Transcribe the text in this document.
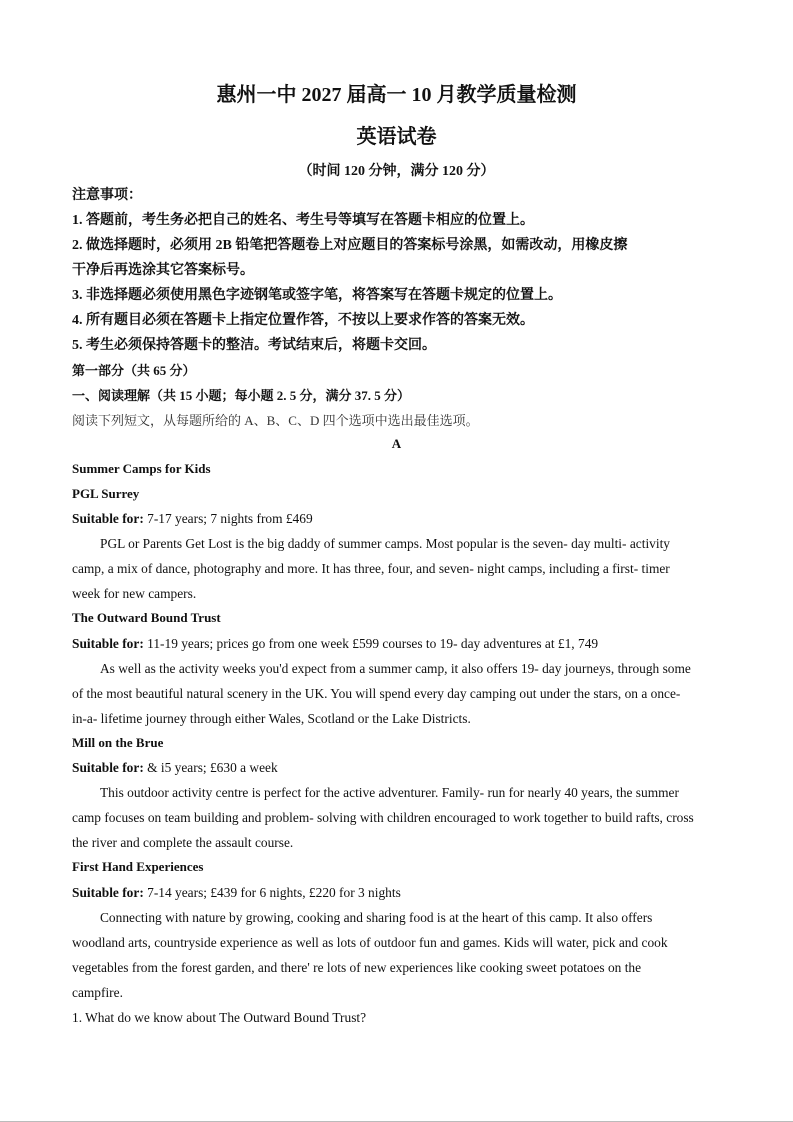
惠州一中 2027 届高一 10 月教学质量检测
英语试卷
（时间 120 分钟，满分 120 分）
注意事项：
1. 答题前，考生务必把自己的姓名、考生号等填写在答题卡相应的位置上。
2. 做选择题时，必须用 2B 铅笔把答题卷上对应题目的答案标号涂黑，如需改动，用橡皮擦
干净后再选涂其它答案标号。
3. 非选择题必须使用黑色字迹钢笔或签字笔，将答案写在答题卡规定的位置上。
4. 所有题目必须在答题卡上指定位置作答，不按以上要求作答的答案无效。
5. 考生必须保持答题卡的整洁。考试结束后，将题卡交回。
第一部分（共 65 分）
一、阅读理解（共 15 小题；每小题 2. 5 分，满分 37. 5 分）
阅读下列短文，从每题所给的 A、B、C、D 四个选项中选出最佳选项。
A
Summer Camps for Kids
PGL Surrey
Suitable for: 7-17 years; 7 nights from £469
PGL or Parents Get Lost is the big daddy of summer camps. Most popular is the seven- day multi- activity
camp, a mix of dance, photography and more. It has three, four, and seven- night camps, including a first- timer
week for new campers.
The Outward Bound Trust
Suitable for: 11-19 years; prices go from one week £599 courses to 19- day adventures at £1, 749
As well as the activity weeks you'd expect from a summer camp, it also offers 19- day journeys, through some
of the most beautiful natural scenery in the UK. You will spend every day camping out under the stars, on a once-
in-a- lifetime journey through either Wales, Scotland or the Lake Districts.
Mill on the Brue
Suitable for: & i5 years; £630 a week
This outdoor activity centre is perfect for the active adventurer. Family- run for nearly 40 years, the summer
camp focuses on team building and problem- solving with children encouraged to work together to build rafts, cross
the river and complete the assault course.
First Hand Experiences
Suitable for: 7-14 years; £439 for 6 nights, £220 for 3 nights
Connecting with nature by growing, cooking and sharing food is at the heart of this camp. It also offers
woodland arts, countryside experience as well as lots of outdoor fun and games. Kids will water, pick and cook
vegetables from the forest garden, and there' re lots of new experiences like cooking sweet potatoes on the
campfire.
1. What do we know about The Outward Bound Trust?
